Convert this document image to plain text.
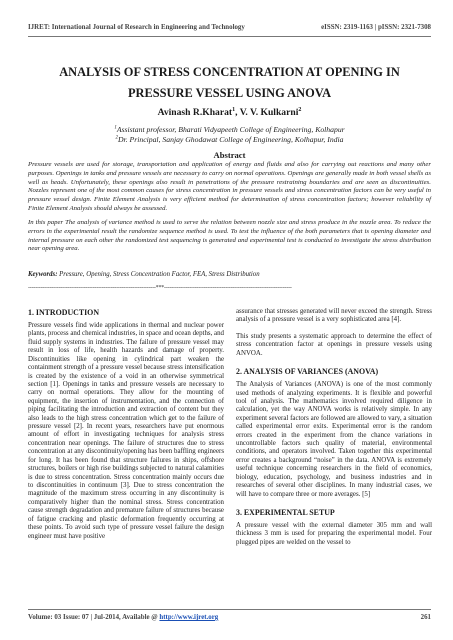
IJRET: International Journal of Research in Engineering and Technology	eISSN: 2319-1163 | pISSN: 2321-7308
ANALYSIS OF STRESS CONCENTRATION AT OPENING IN
PRESSURE VESSEL USING ANOVA
Avinash R.Kharat$^1$, V. V. Kulkarni$^2$
$^1$Assistant professor, Bharati Vidyapeeth College of Engineering, Kolhapur
$^2$Dr. Principal, Sanjay Ghodawat College of Engineering, Kolhapur, India
Abstract

Pressure vessels are used for storage, transportation and application of energy and fluids and also for carrying out reactions and many other purposes. Openings in tanks and pressure vessels are necessary to carry on normal operations. Openings are generally made in both vessel shells as well as heads. Unfortunately, these openings also result in penetrations of the pressure restraining boundaries and are seen as discontinuities. Nozzles represent one of the most common causes for stress concentration in pressure vessels and stress concentration factors can be very useful in pressure vessel design. Finite Element Analysis is very efficient method for determination of stress concentration factors; however reliability of Finite Element Analysis should always be assessed.

In this paper The analysis of variance method is used to serve the relation between nozzle size and stress produce in the nozzle area. To reduce the errors in the experimental result the randomize sequence method is used. To test the influence of the both parameters that is opening diameter and internal pressure on each other the randomized test sequencing is generated and experimental test is conducted to investigate the stress distribution near opening area.

Keywords: Pressure, Opening, Stress Concentration Factor, FEA, Stress Distribution
-----------------------------------------------------------------------***-----------------------------------------------------------------------
1. INTRODUCTION

Pressure vessels find wide applications in thermal and nuclear power plants, process and chemical industries, in space and ocean depths, and fluid supply systems in industries. The failure of pressure vessel may result in loss of life, health hazards and damage of property. Discontinuities like opening in cylindrical part weaken the containment strength of a pressure vessel because stress intensification is created by the existence of a void in an otherwise symmetrical section [1]. Openings in tanks and pressure vessels are necessary to carry on normal operations. They allow for the mounting of equipment, the insertion of instrumentation, and the connection of piping facilitating the introduction and extraction of content but they also leads to the high stress concentration which get to the failure of pressure vessel [2]. In recent years, researchers have put enormous amount of effort in investigating techniques for analysis stress concentration near openings. The failure of structures due to stress concentration at any discontinuity/opening has been baffling engineers for long. It has been found that structure failures in ships, offshore structures, boilers or high rise buildings subjected to natural calamities is due to stress concentration. Stress concentration mainly occurs due to discontinuities in continuum [3]. Due to stress concentration the magnitude of the maximum stress occurring in any discontinuity is comparatively higher than the nominal stress. Stress concentration cause strength degradation and premature failure of structures because of fatigue cracking and plastic deformation frequently occurring at these points. To avoid such type of pressure vessel failure the design engineer must have positive

assurance that stresses generated will never exceed the strength. Stress analysis of a pressure vessel is a very sophisticated area [4].

This study presents a systematic approach to determine the effect of stress concentration factor at openings in pressure vessels using ANVOA.

2. ANALYSIS OF VARIANCES (ANOVA)

The Analysis of Variances (ANOVA) is one of the most commonly used methods of analyzing experiments. It is flexible and powerful tool of analysis. The mathematics involved required diligence in calculation, yet the way ANOVA works is relatively simple. In any experiment several factors are followed are allowed to vary, a situation called experimental error exits. Experimental error is the random errors created in the experiment from the chance variations in uncontrollable factors such quality of material, environmental conditions, and operators involved. Taken together this experimental error creates a background “noise” in the data. ANOVA is extremely useful technique concerning researchers in the field of economics, biology, education, psychology, and business industries and in researches of several other disciplines. In many industrial cases, we will have to compare three or more averages. [5]

3. EXPERIMENTAL SETUP

A pressure vessel with the external diameter 305 mm and wall thickness 3 mm is used for preparing the experimental model. Four plugged pipes are welded on the vessel to

Volume: 03 Issue: 07 | Jul-2014, Available @ http://www.ijret.org	261
